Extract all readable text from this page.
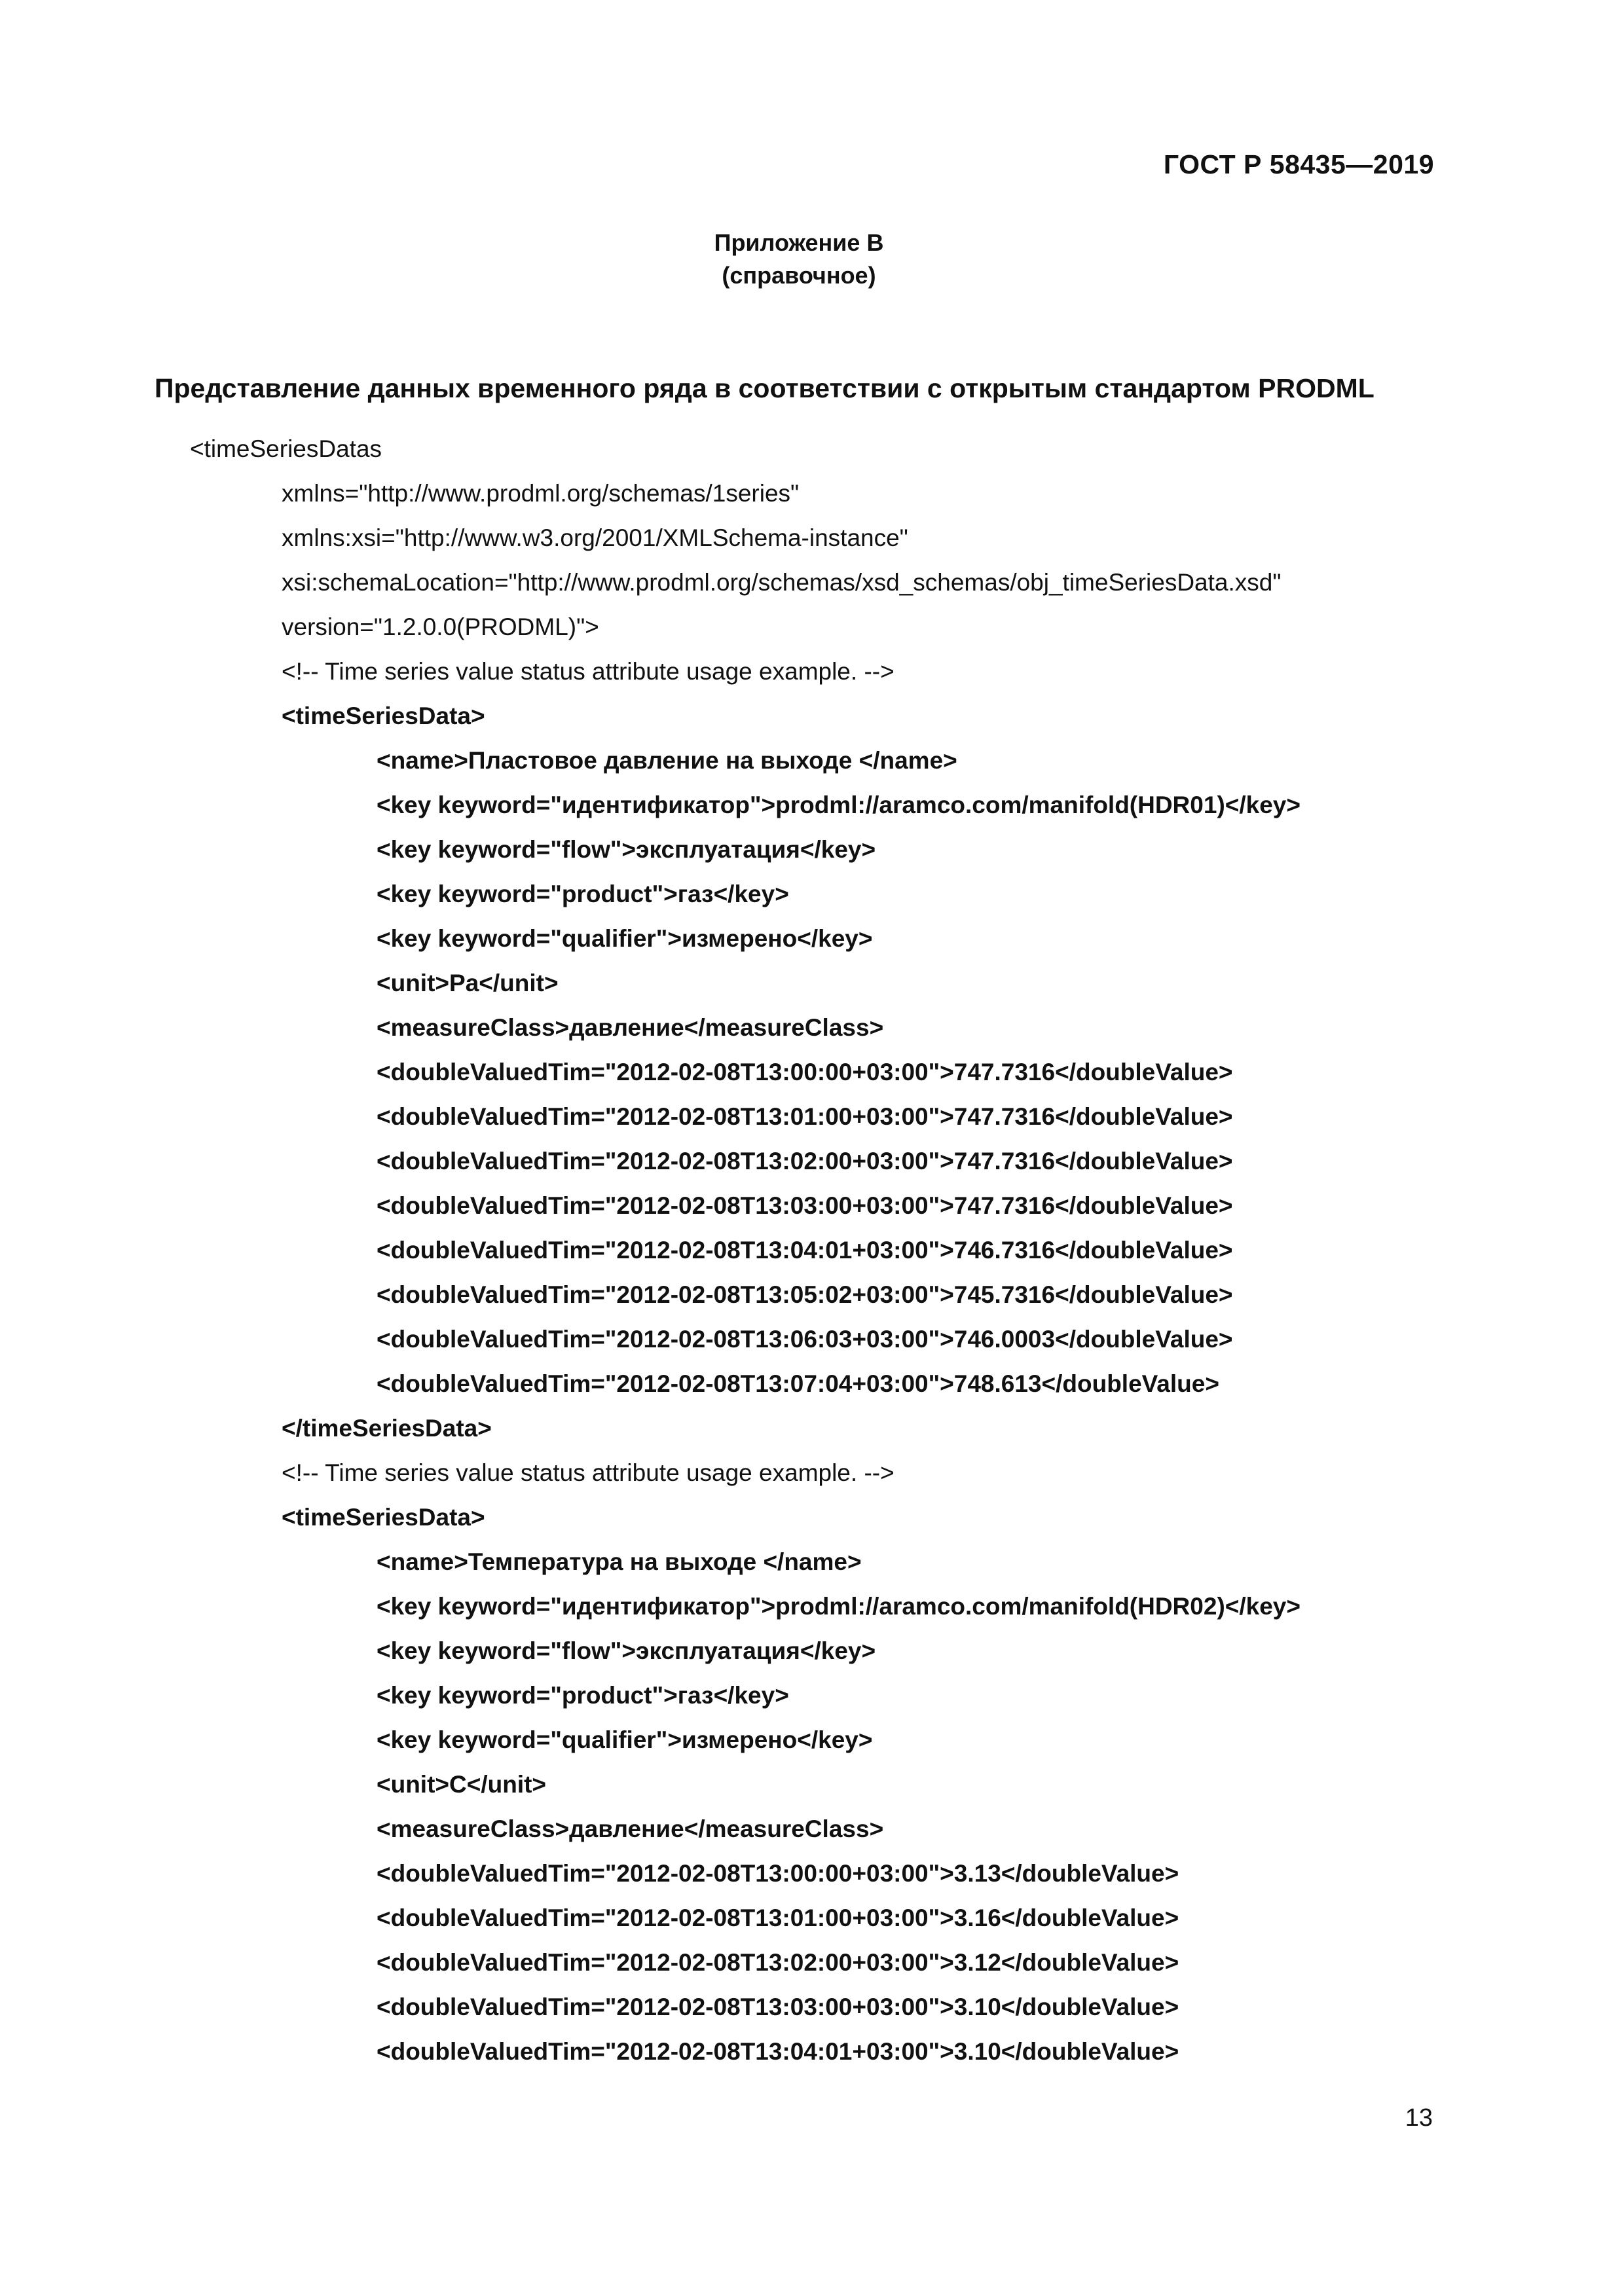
ГОСТ Р 58435—2019
Приложение В
(справочное)
Представление данных временного ряда в соответствии с открытым стандартом PRODML
<timeSeriesDatas
xmlns="http://www.prodml.org/schemas/1series"
xmlns:xsi="http://www.w3.org/2001/XMLSchema-instance"
xsi:schemaLocation="http://www.prodml.org/schemas/xsd_schemas/obj_timeSeriesData.xsd"
version="1.2.0.0(PRODML)">
<!-- Time series value status attribute usage example. -->
<timeSeriesData>
<name>Пластовое давление на выходе </name>
<key keyword="идентификатор">prodml://aramco.com/manifold(HDR01)</key>
<key keyword="flow">эксплуатация</key>
<key keyword="product">газ</key>
<key keyword="qualifier">измерено</key>
<unit>Pa</unit>
<measureClass>давление</measureClass>
<doubleValuedTim="2012-02-08T13:00:00+03:00">747.7316</doubleValue>
<doubleValuedTim="2012-02-08T13:01:00+03:00">747.7316</doubleValue>
<doubleValuedTim="2012-02-08T13:02:00+03:00">747.7316</doubleValue>
<doubleValuedTim="2012-02-08T13:03:00+03:00">747.7316</doubleValue>
<doubleValuedTim="2012-02-08T13:04:01+03:00">746.7316</doubleValue>
<doubleValuedTim="2012-02-08T13:05:02+03:00">745.7316</doubleValue>
<doubleValuedTim="2012-02-08T13:06:03+03:00">746.0003</doubleValue>
<doubleValuedTim="2012-02-08T13:07:04+03:00">748.613</doubleValue>
</timeSeriesData>
<!-- Time series value status attribute usage example. -->
<timeSeriesData>
<name>Температура на выходе </name>
<key keyword="идентификатор">prodml://aramco.com/manifold(HDR02)</key>
<key keyword="flow">эксплуатация</key>
<key keyword="product">газ</key>
<key keyword="qualifier">измерено</key>
<unit>C</unit>
<measureClass>давление</measureClass>
<doubleValuedTim="2012-02-08T13:00:00+03:00">3.13</doubleValue>
<doubleValuedTim="2012-02-08T13:01:00+03:00">3.16</doubleValue>
<doubleValuedTim="2012-02-08T13:02:00+03:00">3.12</doubleValue>
<doubleValuedTim="2012-02-08T13:03:00+03:00">3.10</doubleValue>
<doubleValuedTim="2012-02-08T13:04:01+03:00">3.10</doubleValue>
13
